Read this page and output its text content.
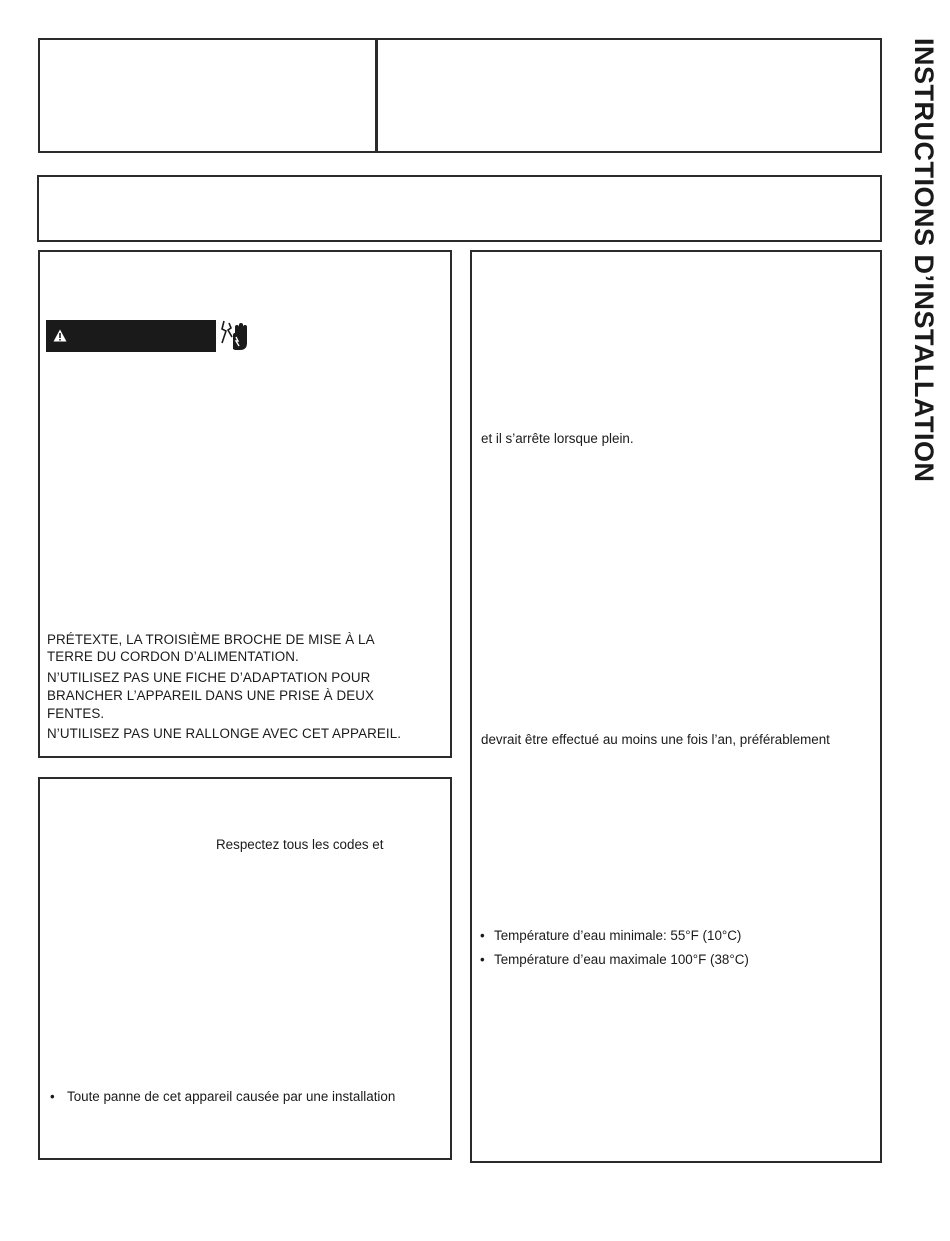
INSTRUCTIONS D’INSTALLATION
PRÉTEXTE, LA TROISIÈME BROCHE DE MISE À LA
TERRE DU CORDON D’ALIMENTATION.
N’UTILISEZ PAS UNE FICHE D’ADAPTATION POUR
BRANCHER L’APPAREIL DANS UNE PRISE À DEUX
FENTES.
N’UTILISEZ PAS UNE RALLONGE AVEC CET APPAREIL.
Respectez tous les codes et
• Toute panne de cet appareil causée par une installation
et il s’arrête lorsque plein.
devrait être effectué au moins une fois l’an, préférablement
• Température d’eau minimale: 55°F (10°C)
• Température d’eau maximale 100°F (38°C)
